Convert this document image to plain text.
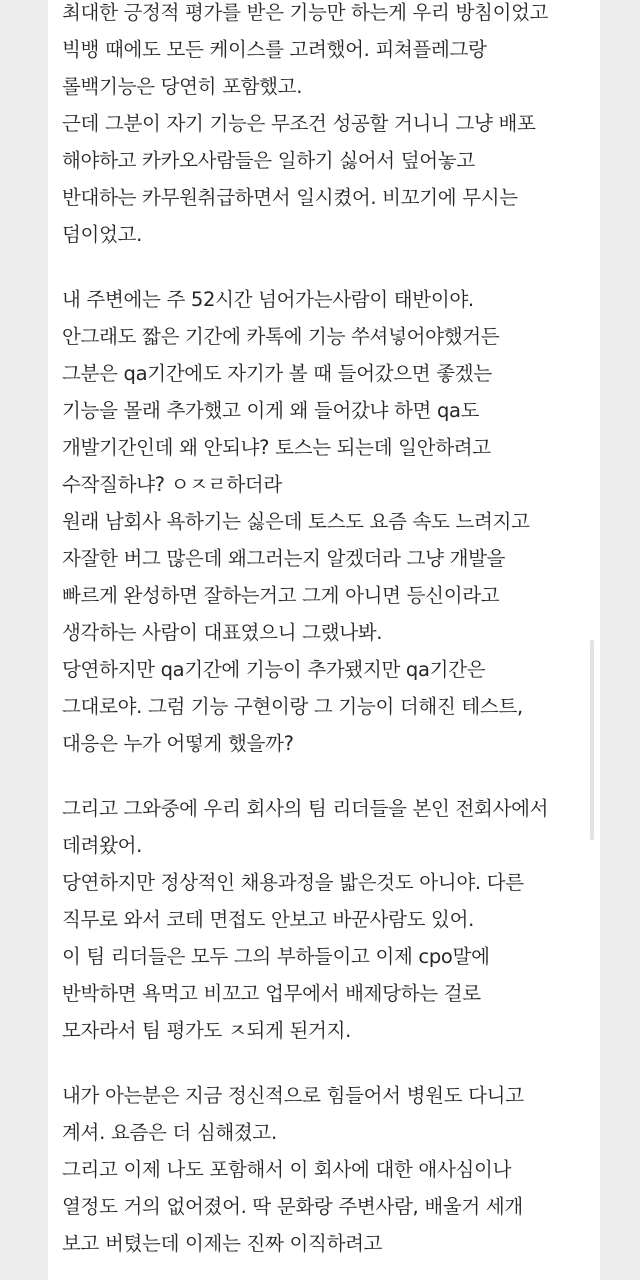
최대한 긍정적 평가를 받은 기능만 하는게 우리 방침이었고
빅뱅 때에도 모든 케이스를 고려했어. 피쳐플레그랑
롤백기능은 당연히 포함했고.
근데 그분이 자기 기능은 무조건 성공할 거니니 그냥 배포
해야하고 카카오사람들은 일하기 싫어서 덮어놓고
반대하는 카무원취급하면서 일시켰어. 비꼬기에 무시는
덤이었고.
내 주변에는 주 52시간 넘어가는사람이 태반이야.
안그래도 짧은 기간에 카톡에 기능 쑤셔넣어야했거든
그분은 qa기간에도 자기가 볼 때 들어갔으면 좋겠는
기능을 몰래 추가했고 이게 왜 들어갔냐 하면 qa도
개발기간인데 왜 안되냐? 토스는 되는데 일안하려고
수작질하냐? ㅇㅈㄹ하더라
원래 남회사 욕하기는 싫은데 토스도 요즘 속도 느려지고
자잘한 버그 많은데 왜그러는지 알겠더라 그냥 개발을
빠르게 완성하면 잘하는거고 그게 아니면 등신이라고
생각하는 사람이 대표였으니 그랬나봐.
당연하지만 qa기간에 기능이 추가됐지만 qa기간은
그대로야. 그럼 기능 구현이랑 그 기능이 더해진 테스트,
대응은 누가 어떻게 했을까?
그리고 그와중에 우리 회사의 팀 리더들을 본인 전회사에서
데려왔어.
당연하지만 정상적인 채용과정을 밟은것도 아니야. 다른
직무로 와서 코테 면접도 안보고 바꾼사람도 있어.
이 팀 리더들은 모두 그의 부하들이고 이제 cpo말에
반박하면 욕먹고 비꼬고 업무에서 배제당하는 걸로
모자라서 팀 평가도 ㅈ되게 된거지.
내가 아는분은 지금 정신적으로 힘들어서 병원도 다니고
계셔. 요즘은 더 심해졌고.
그리고 이제 나도 포함해서 이 회사에 대한 애사심이나
열정도 거의 없어졌어. 딱 문화랑 주변사람, 배울거 세개
보고 버텼는데 이제는 진짜 이직하려고
